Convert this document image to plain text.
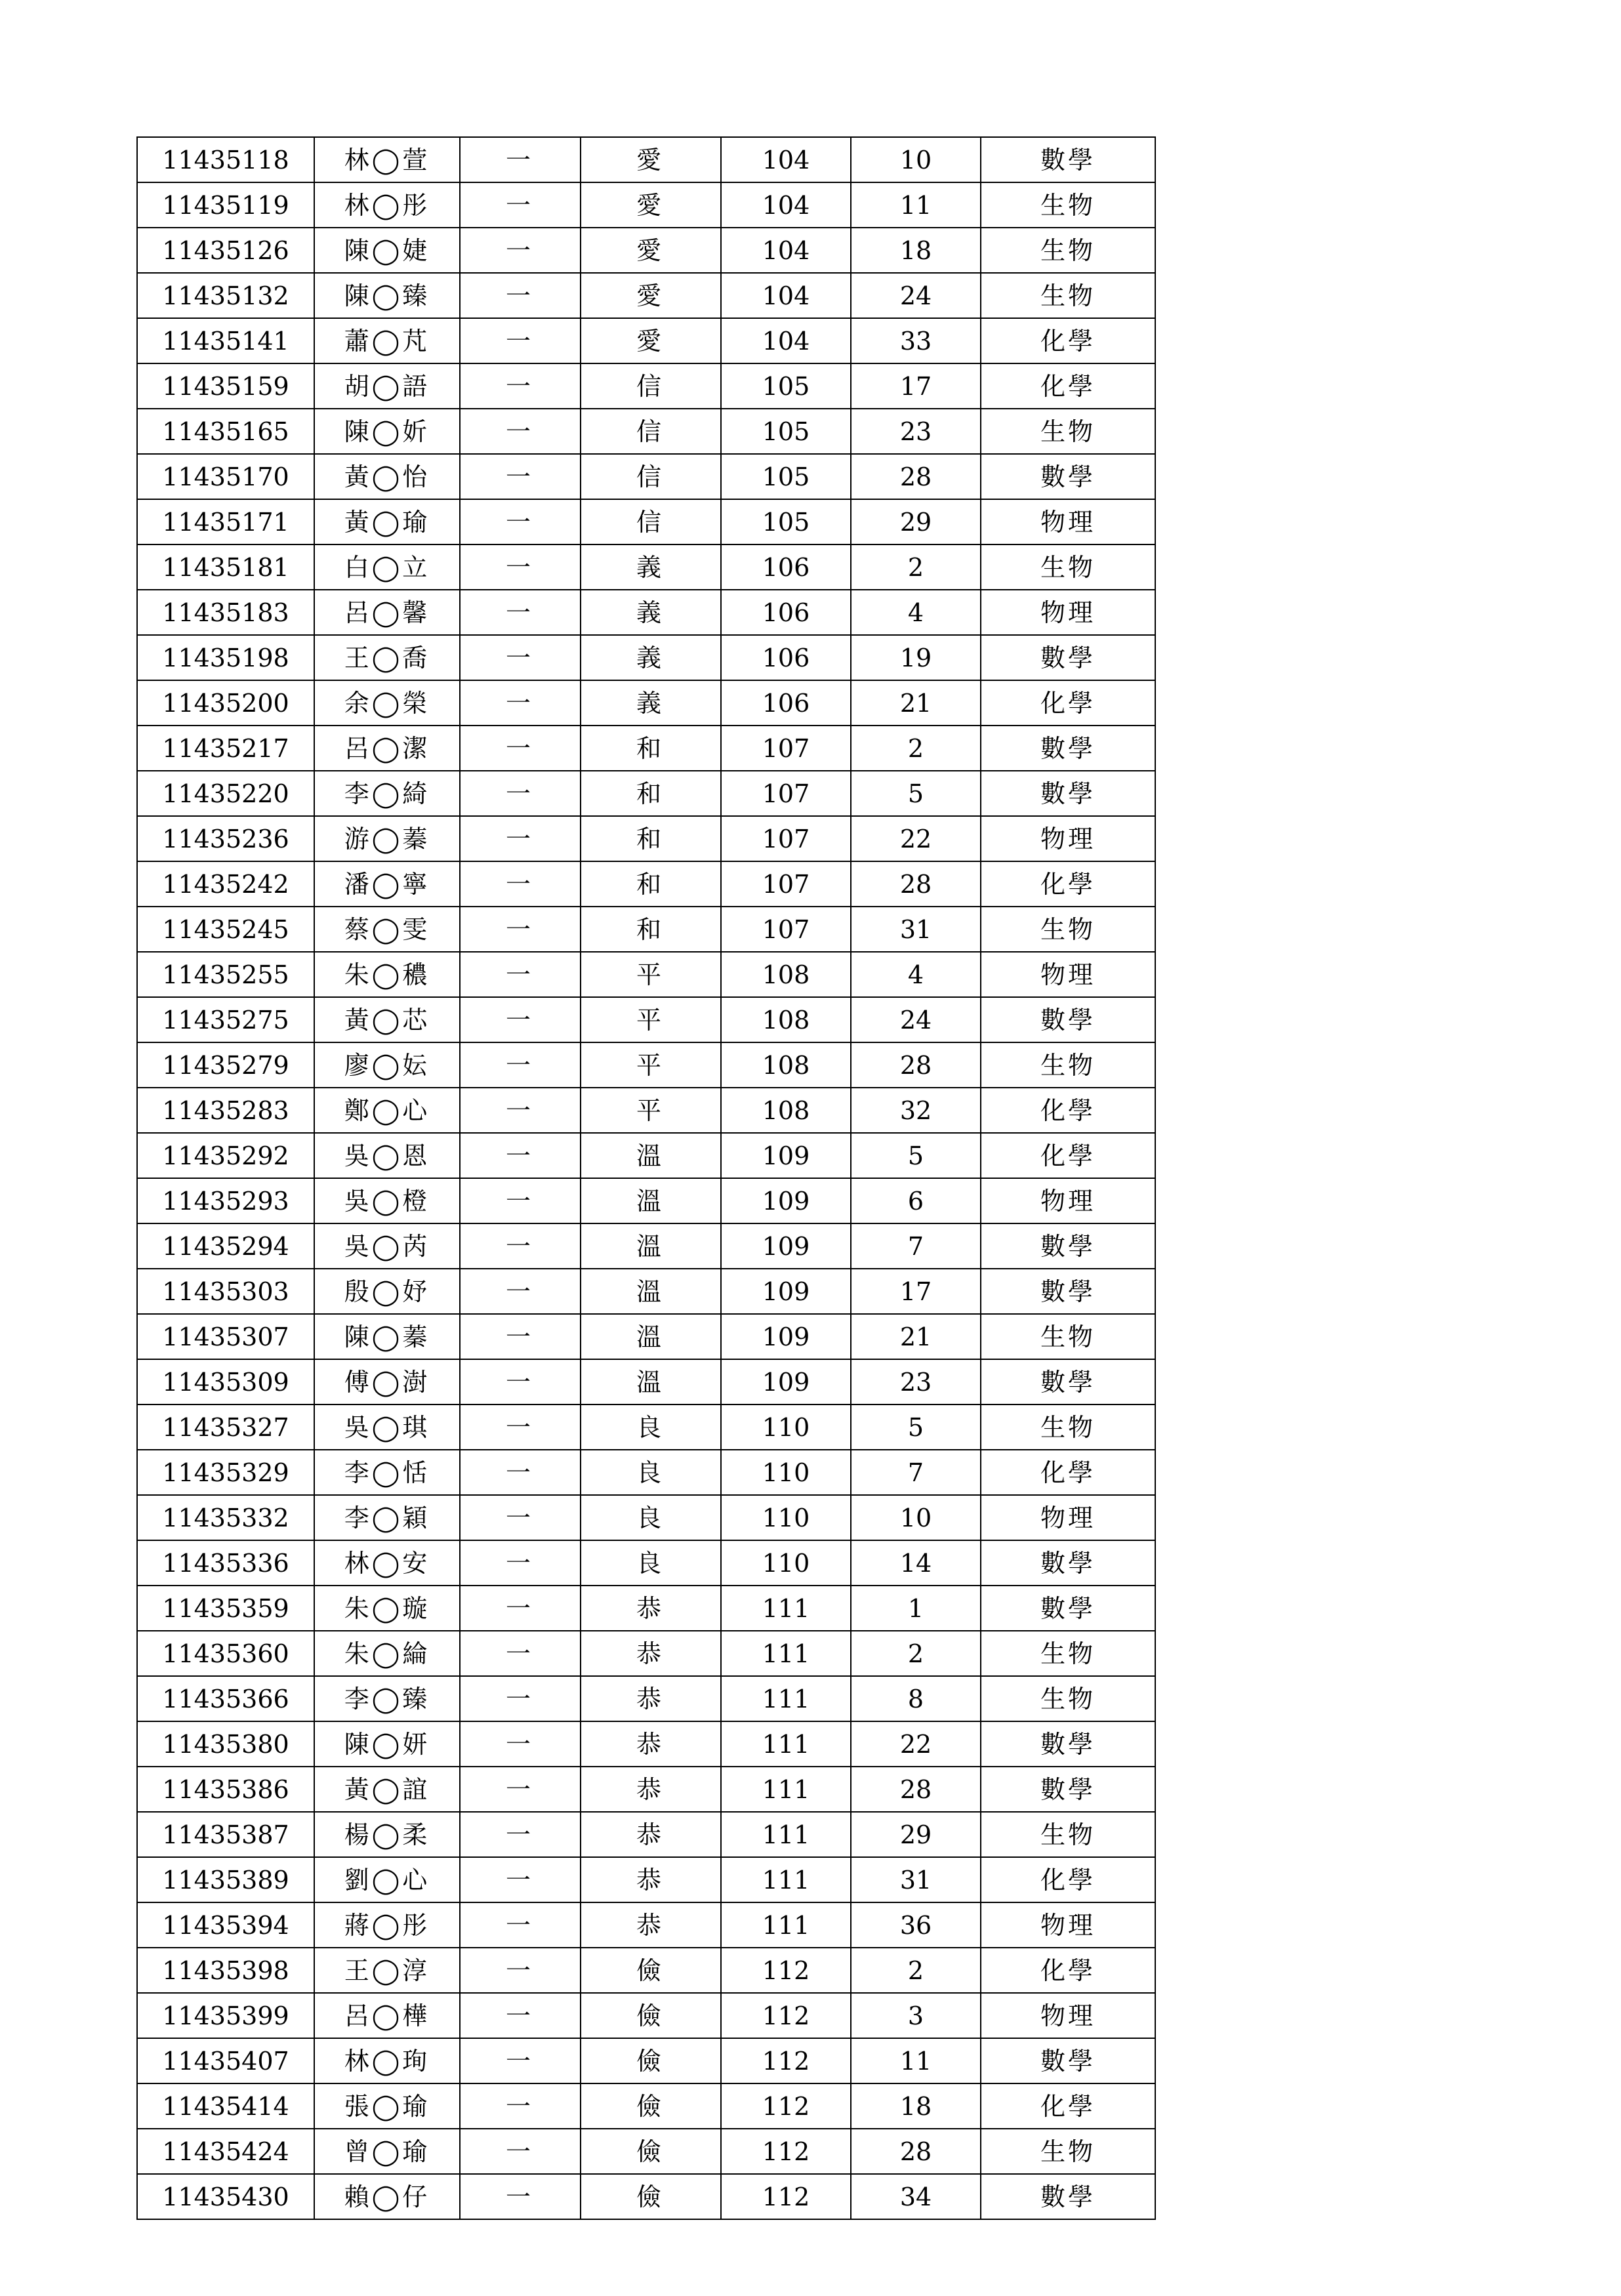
11435118	林◯萱	一	愛	104	10	數學
11435119	林◯彤	一	愛	104	11	生物
11435126	陳◯婕	一	愛	104	18	生物
11435132	陳◯臻	一	愛	104	24	生物
11435141	蕭◯芃	一	愛	104	33	化學
11435159	胡◯語	一	信	105	17	化學
11435165	陳◯妡	一	信	105	23	生物
11435170	黃◯怡	一	信	105	28	數學
11435171	黃◯瑜	一	信	105	29	物理
11435181	白◯立	一	義	106	2	生物
11435183	呂◯馨	一	義	106	4	物理
11435198	王◯喬	一	義	106	19	數學
11435200	余◯榮	一	義	106	21	化學
11435217	呂◯潔	一	和	107	2	數學
11435220	李◯綺	一	和	107	5	數學
11435236	游◯蓁	一	和	107	22	物理
11435242	潘◯寧	一	和	107	28	化學
11435245	蔡◯雯	一	和	107	31	生物
11435255	朱◯穠	一	平	108	4	物理
11435275	黃◯芯	一	平	108	24	數學
11435279	廖◯妘	一	平	108	28	生物
11435283	鄭◯心	一	平	108	32	化學
11435292	吳◯恩	一	溫	109	5	化學
11435293	吳◯橙	一	溫	109	6	物理
11435294	吳◯芮	一	溫	109	7	數學
11435303	殷◯妤	一	溫	109	17	數學
11435307	陳◯蓁	一	溫	109	21	生物
11435309	傅◯澍	一	溫	109	23	數學
11435327	吳◯琪	一	良	110	5	生物
11435329	李◯恬	一	良	110	7	化學
11435332	李◯穎	一	良	110	10	物理
11435336	林◯安	一	良	110	14	數學
11435359	朱◯璇	一	恭	111	1	數學
11435360	朱◯綸	一	恭	111	2	生物
11435366	李◯臻	一	恭	111	8	生物
11435380	陳◯妍	一	恭	111	22	數學
11435386	黃◯誼	一	恭	111	28	數學
11435387	楊◯柔	一	恭	111	29	生物
11435389	劉◯心	一	恭	111	31	化學
11435394	蔣◯彤	一	恭	111	36	物理
11435398	王◯淳	一	儉	112	2	化學
11435399	呂◯樺	一	儉	112	3	物理
11435407	林◯珣	一	儉	112	11	數學
11435414	張◯瑜	一	儉	112	18	化學
11435424	曾◯瑜	一	儉	112	28	生物
11435430	賴◯仔	一	儉	112	34	數學
